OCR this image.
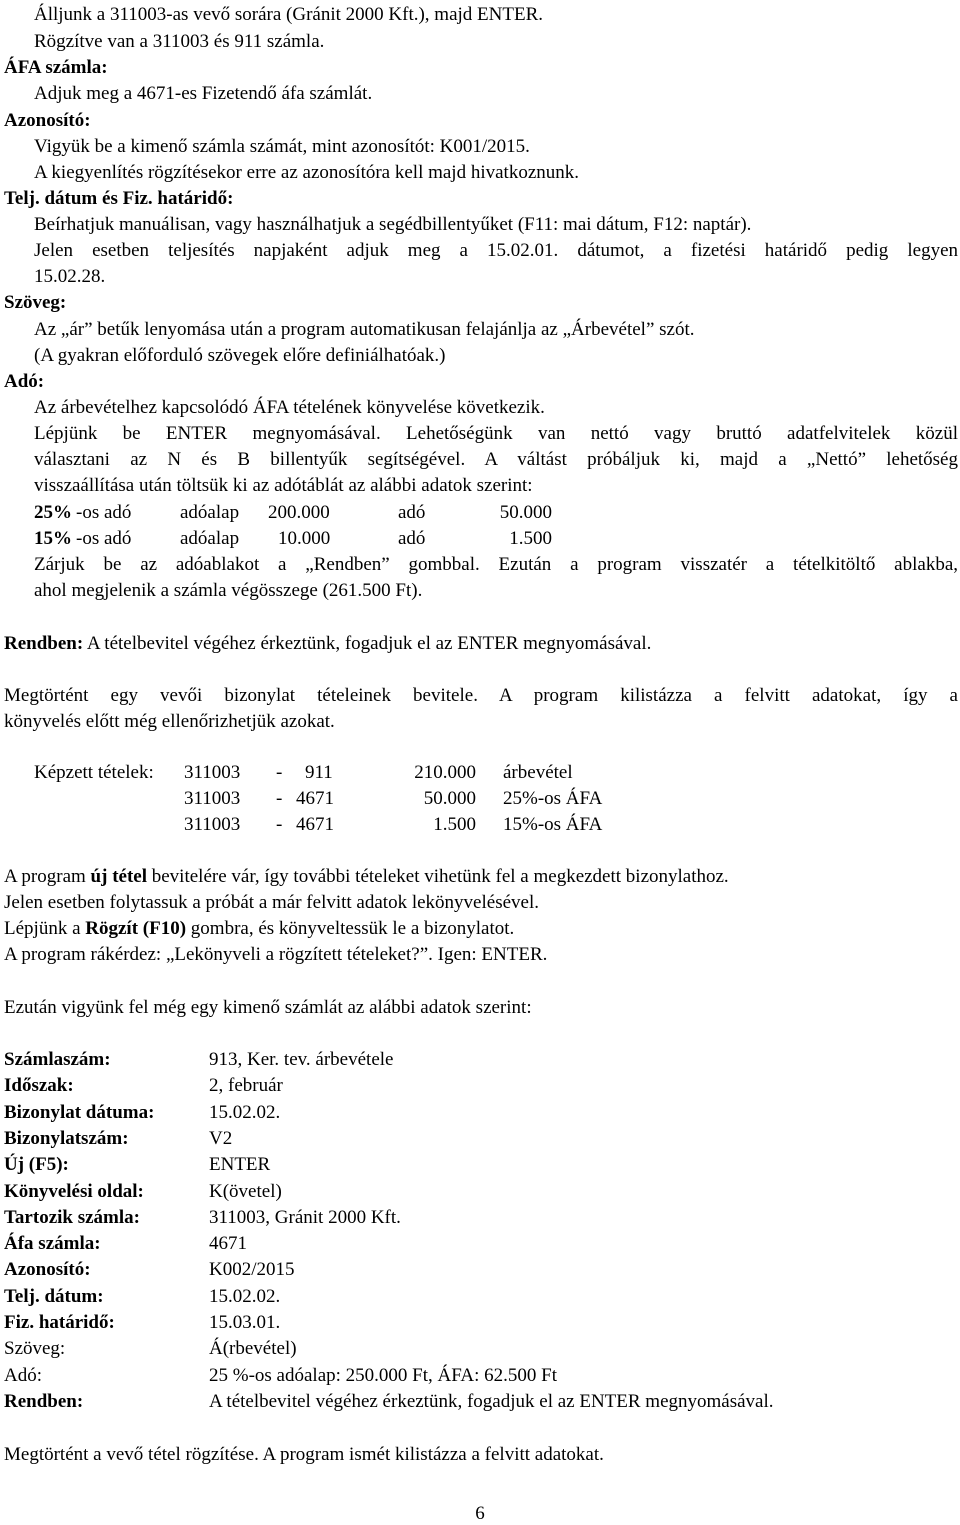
Álljunk a 311003-as vevő sorára (Gránit 2000 Kft.), majd ENTER.
Rögzítve van a 311003 és 911 számla.
ÁFA számla:
Adjuk meg a 4671-es Fizetendő áfa számlát.
Azonosító:
Vigyük be a kimenő számla számát, mint azonosítót: K001/2015.
A kiegyenlítés rögzítésekor erre az azonosítóra kell majd hivatkoznunk.
Telj. dátum és Fiz. határidő:
Beírhatjuk manuálisan, vagy használhatjuk a segédbillentyűket (F11: mai dátum, F12: naptár).
Jelen esetben teljesítés napjaként adjuk meg a 15.02.01. dátumot, a fizetési határidő pedig legyen
15.02.28.
Szöveg:
Az „ár” betűk lenyomása után a program automatikusan felajánlja az „Árbevétel” szót.
(A gyakran előforduló szövegek előre definiálhatóak.)
Adó:
Az árbevételhez kapcsolódó ÁFA tételének könyvelése következik.
Lépjünk be ENTER megnyomásával. Lehetőségünk van nettó vagy bruttó adatfelvitelek közül
választani az N és B billentyűk segítségével. A váltást próbáljuk ki, majd a „Nettó” lehetőség
visszaállítása után töltsük ki az adótáblát az alábbi adatok szerint:
25% -os adó	adóalap 200.000	adó	50.000
15% -os adó	adóalap 10.000	adó	1.500
Zárjuk be az adóablakot a „Rendben” gombbal. Ezután a program visszatér a tételkitöltő ablakba,
ahol megjelenik a számla végösszege (261.500 Ft).
Rendben: A tételbevitel végéhez érkeztünk, fogadjuk el az ENTER megnyomásával.
Megtörtént egy vevői bizonylat tételeinek bevitele. A program kilistázza a felvitt adatokat, így a
könyvelés előtt még ellenőrizhetjük azokat.
Képzett tételek: 311003 - 911	210.000 árbevétel
311003 - 4671	50.000 25%-os ÁFA
311003 - 4671	1.500 15%-os ÁFA
A program új tétel bevitelére vár, így további tételeket vihetünk fel a megkezdett bizonylathoz.
Jelen esetben folytassuk a próbát a már felvitt adatok lekönyvelésével.
Lépjünk a Rögzít (F10) gombra, és könyveltessük le a bizonylatot.
A program rákérdez: „Lekönyveli a rögzített tételeket?”. Igen: ENTER.
Ezután vigyünk fel még egy kimenő számlát az alábbi adatok szerint:
Számlaszám:	913, Ker. tev. árbevétele
Időszak:	2, február
Bizonylat dátuma:	15.02.02.
Bizonylatszám:	V2
Új (F5):	ENTER
Könyvelési oldal:	K(övetel)
Tartozik számla:	311003, Gránit 2000 Kft.
Áfa számla:	4671
Azonosító:	K002/2015
Telj. dátum:	15.02.02.
Fiz. határidő:	15.03.01.
Szöveg:	Á(rbevétel)
Adó:	25 %-os adóalap: 250.000 Ft, ÁFA: 62.500 Ft
Rendben:	A tételbevitel végéhez érkeztünk, fogadjuk el az ENTER megnyomásával.
Megtörtént a vevő tétel rögzítése. A program ismét kilistázza a felvitt adatokat.
6
